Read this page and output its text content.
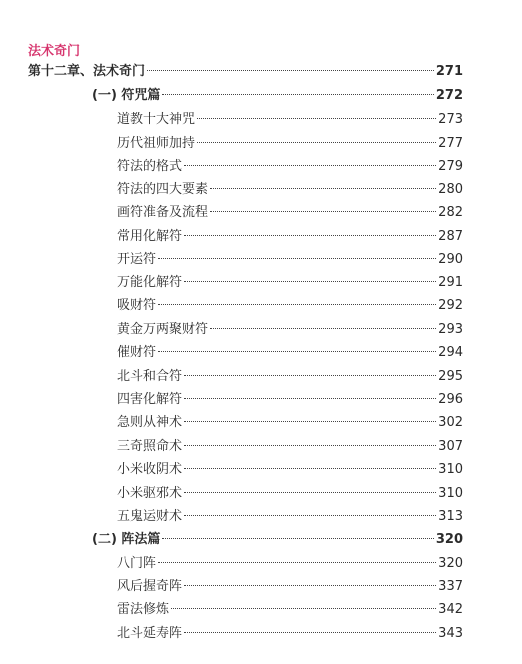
法术奇门
第十二章、法术奇门	271
(一) 符咒篇	272
道教十大神咒	273
历代祖师加持	277
符法的格式	279
符法的四大要素	280
画符准备及流程	282
常用化解符	287
开运符	290
万能化解符	291
吸财符	292
黄金万两聚财符	293
催财符	294
北斗和合符	295
四害化解符	296
急则从神术	302
三奇照命术	307
小米收阴术	310
小米驱邪术	310
五鬼运财术	313
(二) 阵法篇	320
八门阵	320
风后握奇阵	337
雷法修炼	342
北斗延寿阵	343
